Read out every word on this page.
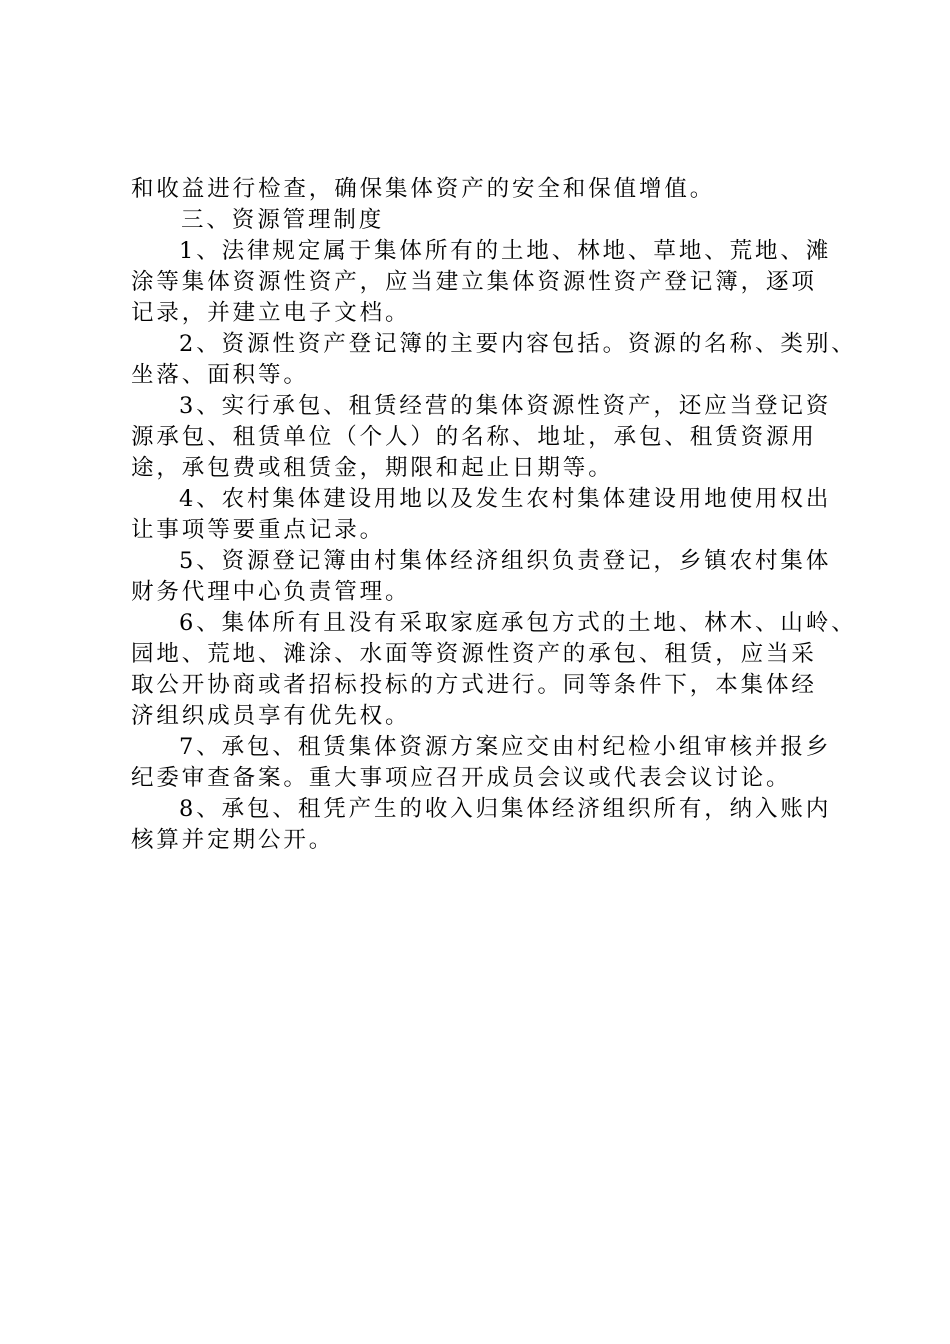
和收益进行检查，确保集体资产的安全和保值增值。
三、资源管理制度
1、法律规定属于集体所有的土地、林地、草地、荒地、滩
涂等集体资源性资产，应当建立集体资源性资产登记簿，逐项
记录，并建立电子文档。
2、资源性资产登记簿的主要内容包括。资源的名称、类别、
坐落、面积等。
3、实行承包、租赁经营的集体资源性资产，还应当登记资
源承包、租赁单位（个人）的名称、地址，承包、租赁资源用
途，承包费或租赁金，期限和起止日期等。
4、农村集体建设用地以及发生农村集体建设用地使用权出
让事项等要重点记录。
5、资源登记簿由村集体经济组织负责登记，乡镇农村集体
财务代理中心负责管理。
6、集体所有且没有采取家庭承包方式的土地、林木、山岭、
园地、荒地、滩涂、水面等资源性资产的承包、租赁，应当采
取公开协商或者招标投标的方式进行。同等条件下，本集体经
济组织成员享有优先权。
7、承包、租赁集体资源方案应交由村纪检小组审核并报乡
纪委审查备案。重大事项应召开成员会议或代表会议讨论。
8、承包、租凭产生的收入归集体经济组织所有，纳入账内
核算并定期公开。
